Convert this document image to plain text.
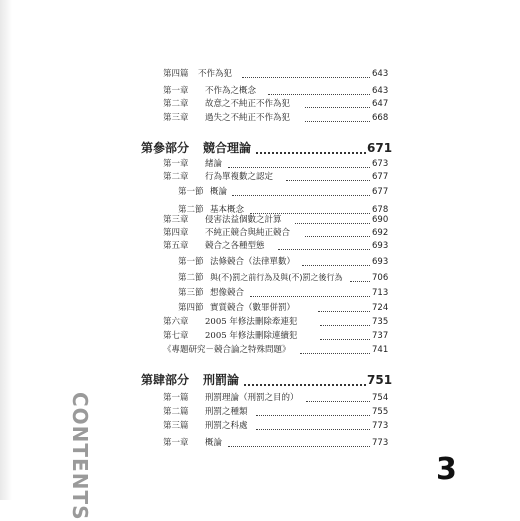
CONTENTS
第四篇 不作為犯	643
第一章 不作為之概念	643
第二章 故意之不純正不作為犯	647
第三章 過失之不純正不作為犯	668
第參部分 競合理論	671
第一章 緒論	673
第二章 行為單複數之認定	677
第一節 概論	677
第二節 基本概念	678
第三章 侵害法益個數之計算	690
第四章 不純正競合與純正競合	692
第五章 競合之各種型態	693
第一節 法條競合（法律單數）	693
第二節 與(不)罰之前行為及與(不)罰之後行為	706
第三節 想像競合	713
第四節 實質競合（數罪併罰）	724
第六章 2005 年修法刪除牽連犯	735
第七章 2005 年修法刪除連續犯	737
《專題研究－競合論之特殊問題》	741
第肆部分 刑罰論	751
第一篇 刑罰理論（刑罰之目的）	754
第二篇 刑罰之種類	755
第三篇 刑罰之科處	773
第一章 概論	773
3
